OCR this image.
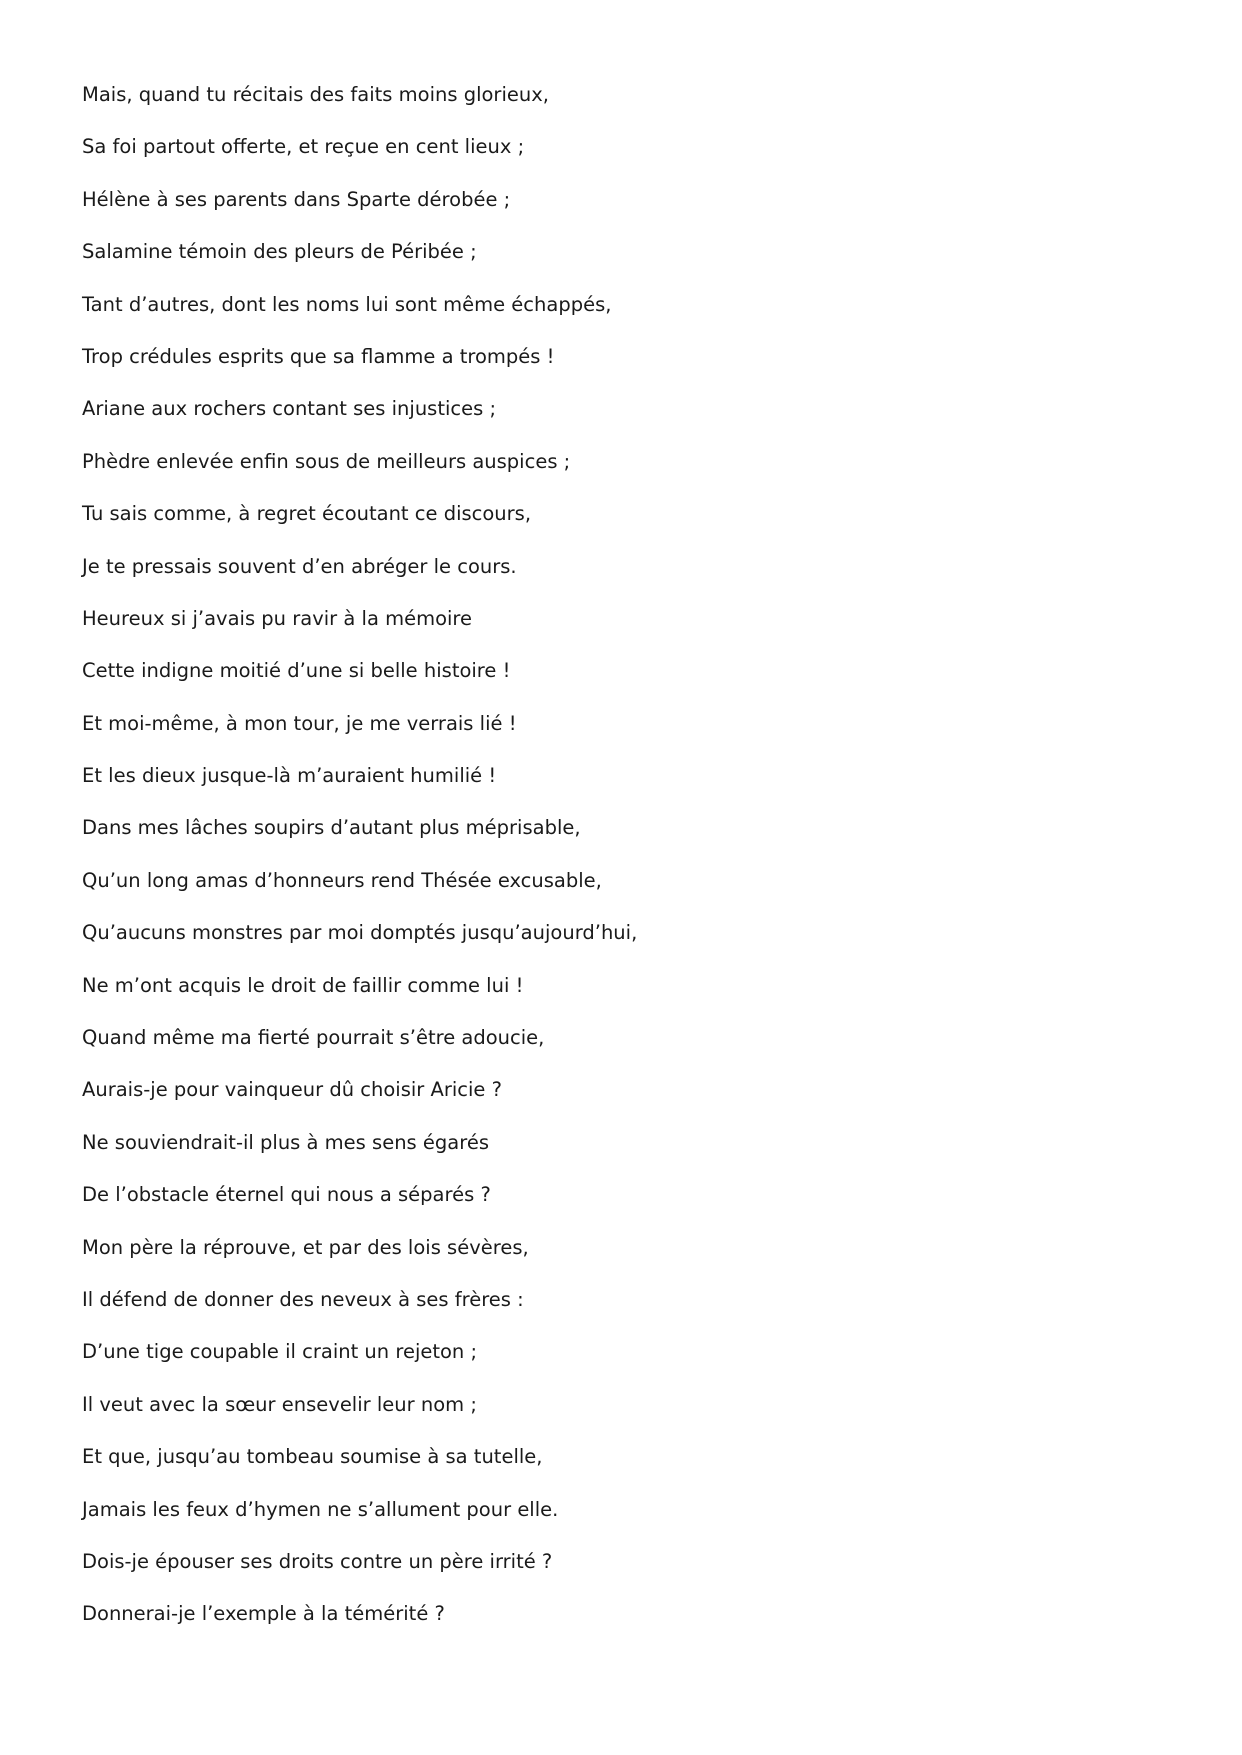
Mais, quand tu récitais des faits moins glorieux,
Sa foi partout offerte, et reçue en cent lieux ;
Hélène à ses parents dans Sparte dérobée ;
Salamine témoin des pleurs de Péribée ;
Tant d’autres, dont les noms lui sont même échappés,
Trop crédules esprits que sa flamme a trompés !
Ariane aux rochers contant ses injustices ;
Phèdre enlevée enfin sous de meilleurs auspices ;
Tu sais comme, à regret écoutant ce discours,
Je te pressais souvent d’en abréger le cours.
Heureux si j’avais pu ravir à la mémoire
Cette indigne moitié d’une si belle histoire !
Et moi-même, à mon tour, je me verrais lié !
Et les dieux jusque-là m’auraient humilié !
Dans mes lâches soupirs d’autant plus méprisable,
Qu’un long amas d’honneurs rend Thésée excusable,
Qu’aucuns monstres par moi domptés jusqu’aujourd’hui,
Ne m’ont acquis le droit de faillir comme lui !
Quand même ma fierté pourrait s’être adoucie,
Aurais-je pour vainqueur dû choisir Aricie ?
Ne souviendrait-il plus à mes sens égarés
De l’obstacle éternel qui nous a séparés ?
Mon père la réprouve, et par des lois sévères,
Il défend de donner des neveux à ses frères :
D’une tige coupable il craint un rejeton ;
Il veut avec la sœur ensevelir leur nom ;
Et que, jusqu’au tombeau soumise à sa tutelle,
Jamais les feux d’hymen ne s’allument pour elle.
Dois-je épouser ses droits contre un père irrité ?
Donnerai-je l’exemple à la témérité ?
